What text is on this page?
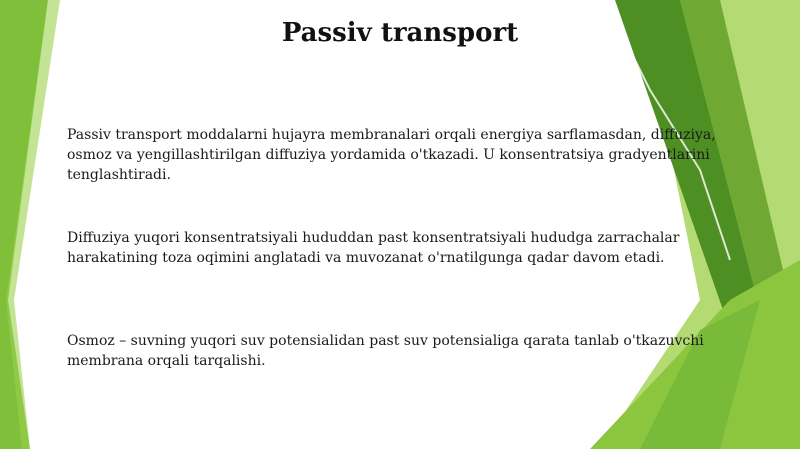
Passiv transport
Passiv transport moddalarni hujayra membranalari orqali energiya sarflamasdan, diffuziya, osmoz va yengillashtirilgan diffuziya yordamida o'tkazadi. U konsentratsiya gradyentlarini tenglashtiradi.
Diffuziya yuqori konsentratsiyali hududdan past konsentratsiyali hududga zarrachalar harakatining toza oqimini anglatadi va muvozanat o'rnatilgunga qadar davom etadi.
Osmoz – suvning yuqori suv potensialidan past suv potensialiga qarata tanlab o'tkazuvchi membrana orqali tarqalishi.
